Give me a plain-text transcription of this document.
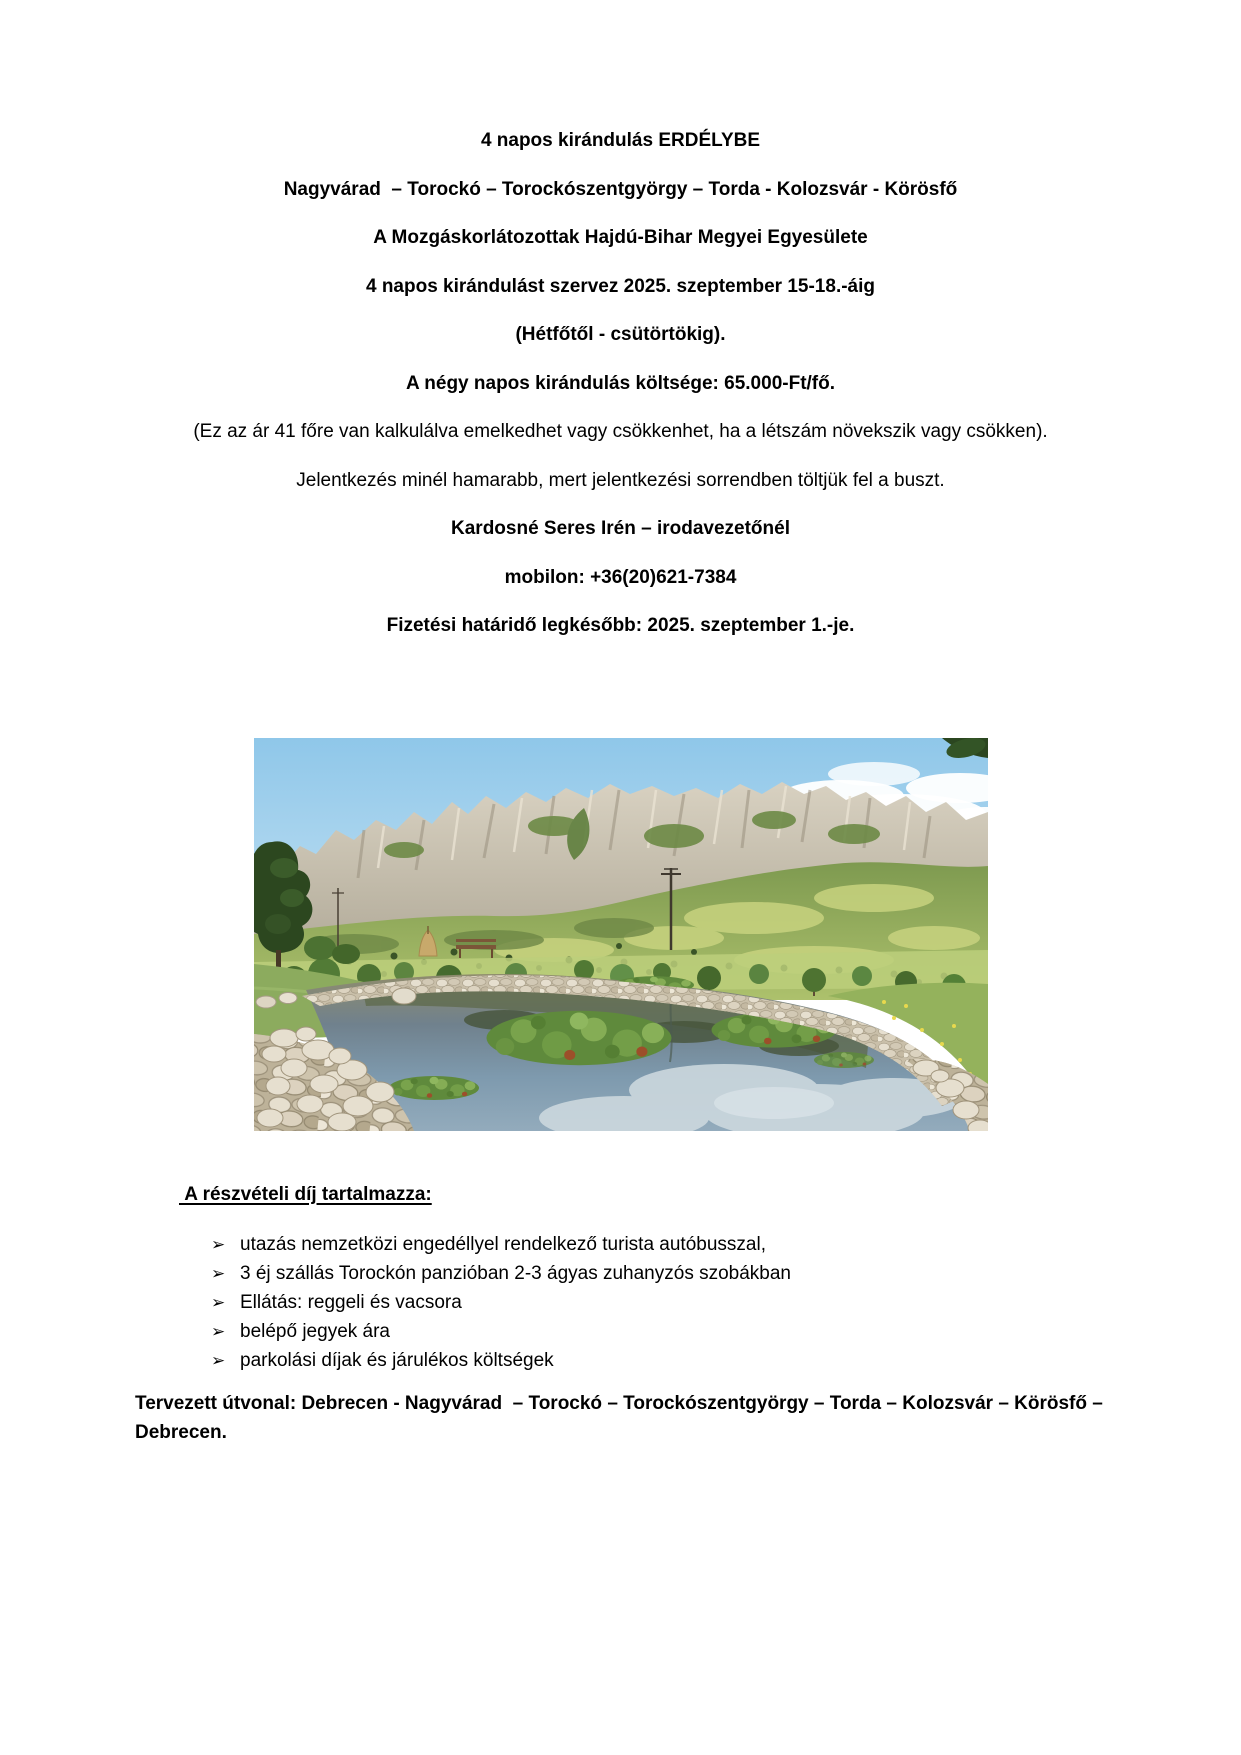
4 napos kirándulás ERDÉLYBE

Nagyvárad  – Torockó – Torockószentgyörgy – Torda - Kolozsvár - Körösfő

A Mozgáskorlátozottak Hajdú-Bihar Megyei Egyesülete

4 napos kirándulást szervez 2025. szeptember 15-18.-áig

(Hétfőtől - csütörtökig).

A négy napos kirándulás költsége: 65.000-Ft/fő.

(Ez az ár 41 főre van kalkulálva emelkedhet vagy csökkenhet, ha a létszám növekszik vagy csökken).

Jelentkezés minél hamarabb, mert jelentkezési sorrendben töltjük fel a buszt.

Kardosné Seres Irén – irodavezetőnél

mobilon: +36(20)621-7384

Fizetési határidő legkésőbb: 2025. szeptember 1.-je.

A részvételi díj tartalmazza:

➢ utazás nemzetközi engedéllyel rendelkező turista autóbusszal,
➢ 3 éj szállás Torockón panzióban 2-3 ágyas zuhanyzós szobákban
➢ Ellátás: reggeli és vacsora
➢ belépő jegyek ára
➢ parkolási díjak és járulékos költségek

Tervezett útvonal: Debrecen - Nagyvárad  – Torockó – Torockószentgyörgy – Torda – Kolozsvár – Körösfő – Debrecen.
